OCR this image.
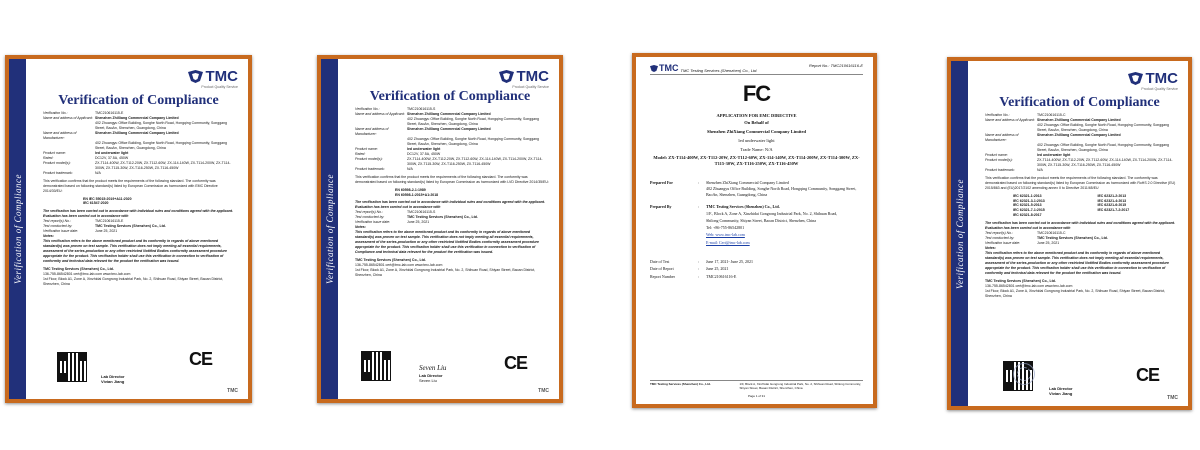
Verification of Compliance
TMC
Product Quality Service
Verification of Compliance
Verification No.:	TMC210616115-E
Name and address of Applicant: Shenzhen ZhiXiang Commercial Company Limited
402 Zhuangyu Office Building, Songhe North Road, Hongqing Community, Songgang Street, BaoAn, Shenzhen, Guangdong, China
Name and address of Manufacturer:
Shenzhen ZhiXiang Commercial Company Limited
402 Zhuangyu Office Building, Songhe North Road, Hongqing Community, Songgang Street, BaoAn, Shenzhen, Guangdong, China
Product name:	led underwater light
Rated:	DC12V, 37.5A, 450W
Product model(s):	ZX-T114-400W, ZX-T112-20W, ZX-T112-60W, ZX-114-140W, ZX-T114-200W, ZX-T114-300W, ZX-T115-30W, ZX-T116-250W, ZX-T116-450W
Product trademark:	N/A
This verification confirms that the product meets the requirements of the following standard. The conformity was demonstrated based on following standard(s) listed by European Commission as harmonized with EMC Directive 2014/30/EU:
EN IEC 55015:2019+A11:2020
IEC 61547:2020
The verification has been carried out in accordance with individual rules and conditions agreed with the applicant. Evaluation has been carried out in accordance with
Test report(s) No.:	TMC210616115-E
Test conducted by:	TMC Testing Services (Shenzhen) Co., Ltd.
Verification issue date:	June 25, 2021
Notes:
This verification refers to the above mentioned product and its conformity in regards of above mentioned standard(s) was proven on test sample. This verification does not imply meeting all essential requirements, assessment of the series-production or any other restricted Notified Bodies conformity assessment procedure appropriate for the product. This verification holder shall use this verification in connection to verification of conformity and technical data relevant for the product the verification was issued.
TMC Testing Services (Shenzhen) Co., Ltd.
136-755-86542801 cert@tmc-lab.com www.tmc-lab.com
1st Floor, Block A1, Zone A, Xinzhidai Gongrong Industrial Park, No. 2, Shihuan Road, Shiyan Street, Baoan District, Shenzhen, China
Lab Director
Vivian Jiang
CE
TMC
Verification of Compliance
TMC
Product Quality Service
Verification of Compliance
Verification No.:	TMC210616115-S
Name and address of Applicant: Shenzhen ZhiXiang Commercial Company Limited
402 Zhuangyu Office Building, Songhe North Road, Hongqing Community, Songgang Street, BaoAn, Shenzhen, Guangdong, China
Name and address of Manufacturer:
Shenzhen ZhiXiang Commercial Company Limited
402 Zhuangyu Office Building, Songhe North Road, Hongqing Community, Songgang Street, BaoAn, Shenzhen, Guangdong, China
Product name:	led underwater light
Rated:	DC12V, 37.5A, 450W
Product model(s):	ZX-T114-400W, ZX-T112-20W, ZX-T112-60W, ZX-114-140W, ZX-T114-200W, ZX-T114-300W, ZX-T115-30W, ZX-T116-250W, ZX-T116-450W
Product trademark:	N/A
This verification confirms that the product meets the requirements of the following standard. The conformity was demonstrated based on following standard(s) listed by European Commission as harmonized with LVD Directive 2014/35/EU:
EN 60598-2-1:1989
EN 60598-1:2015+A1:2018
The verification has been carried out in accordance with individual rules and conditions agreed with the applicant. Evaluation has been carried out in accordance with
Test report(s) No.:	TMC210616115-S
Test conducted by:	TMC Testing Services (Shenzhen) Co., Ltd.
Verification issue date:	June 25, 2021
Notes:
This verification refers to the above mentioned product and its conformity in regards of above mentioned standard(s) was proven on test sample. This verification does not imply meeting all essential requirements, assessment of the series-production or any other restricted Notified Bodies conformity assessment procedure appropriate for the product. This verification holder shall use this verification in connection to verification of Compliance and technical data relevant for the product the verification was issued.
TMC Testing Services (Shenzhen) Co., Ltd.
136-755-86542801 cert@tmc-lab.com www.tmc-lab.com
1st Floor, Block A1, Zone A, Xinzhidai Gongrong Industrial Park, No. 2, Shihuan Road, Shiyan Street, Baoan District, Shenzhen, China
Seven Liu
Lab Director
Seven Liu
CE
TMC
TMC TMC Testing Services (Shenzhen) Co., Ltd.
Report No.: TMC210616116-E
FC
APPLICATION FOR EMC DIRECTIVE
On Behalf of
Shenzhen ZhiXiang Commercial Company Limited
led underwater light
Trade Name: N/A
Model: ZX-T114-400W, ZX-T112-20W, ZX-T112-60W, ZX-114-140W, ZX-T114-200W, ZX-T114-300W, ZX-T115-30W, ZX-T116-250W, ZX-T116-450W
Prepared For	:	Shenzhen ZhiXiang Commercial Company Limited
402 Zhuangyu Office Building, Songhe North Road, Hongqing Community, Songgang Street, BaoAn, Shenzhen, Guangdong, China
Prepared By	:	TMC Testing Services (Shenzhen) Co., Ltd.
1/F., Block A, Zone A, Xinzhidai Gongrong Industrial Park, No. 2, Shihuan Road,
Shilong Community, Shiyan Street, Baoan District, Shenzhen, China
Tel: +86-755-86542801
Web: www.tmc-lab.com
E-mail: Cert@tmc-lab.com
Date of Test	:	June 17, 2021- June 25, 2021
Date of Report	:	June 25, 2021
Report Number	:	TMC210616116-E
TMC Testing Services (Shenzhen) Co., Ltd.	1/F, Block A, Xinzhidai Gongrong Industrial Park, No. 2, Shihuan Road, Shilong Community, Shiyan Street, Baoan District, Shenzhen, China
Page 1 of 31
Verification of Compliance
TMC
Product Quality Service
Verification of Compliance
Verification No.:	TMC210616115-C
Name and address of Applicant: Shenzhen ZhiXiang Commercial Company Limited
402 Zhuangyu Office Building, Songhe North Road, Hongqing Community, Songgang Street, BaoAn, Shenzhen, Guangdong, China
Name and address of Manufacturer:
Shenzhen ZhiXiang Commercial Company Limited
402 Zhuangyu Office Building, Songhe North Road, Hongqing Community, Songgang Street, BaoAn, Shenzhen, Guangdong, China
Product name:	led underwater light
Product model(s):	ZX-T114-400W, ZX-T112-20W, ZX-T112-60W, ZX-114-140W, ZX-T114-200W, ZX-T114-300W, ZX-T115-30W, ZX-T116-250W, ZX-T116-450W
Product trademark:	N/A
This verification confirms that the product meets the requirements of the following standard. The conformity was demonstrated based on following standard(s) listed by European Commission as harmonized with RoHS 2.0 Directive (EU) 2015/863 and (EU)2017/2102 amending annex II to Directive 2011/65/EU
IEC 62321-1:2013	IEC 62321-2:2013
IEC 62321-3-1:2013	IEC 62321-4:2013
IEC 62321-5:2013	IEC 62321-6:2015
IEC 62321-7-1:2015	IEC 62321-7-2:2017
IEC 62321-8:2017
The verification has been carried out in accordance with individual rules and conditions agreed with the applicant. Evaluation has been carried out in accordance with
Test report(s) No.:	TMC210616115-C
Test conducted by:	TMC Testing Services (Shenzhen) Co., Ltd.
Verification issue date:	June 25, 2021
Notes:
This verification refers to the above mentioned product and its conformity in regards of above mentioned standard(s) was proven on test sample. This verification does not imply meeting all essential requirements, assessment of the series-production or any other restricted Notified Bodies conformity assessment procedure appropriate for the product. This verification holder shall use this verification in connection to verification of conformity and technical data relevant for the product the verification was issued.
TMC Testing Services (Shenzhen) Co., Ltd.
136-755-86542801 cert@tmc-lab.com www.tmc-lab.com
1st Floor, Block A1, Zone A, Xinzhidai Gongrong Industrial Park, No. 2, Shihuan Road, Shiyan Street, Baoan District, Shenzhen, China
Lab Director
Vivian Jiang
CE
TMC
